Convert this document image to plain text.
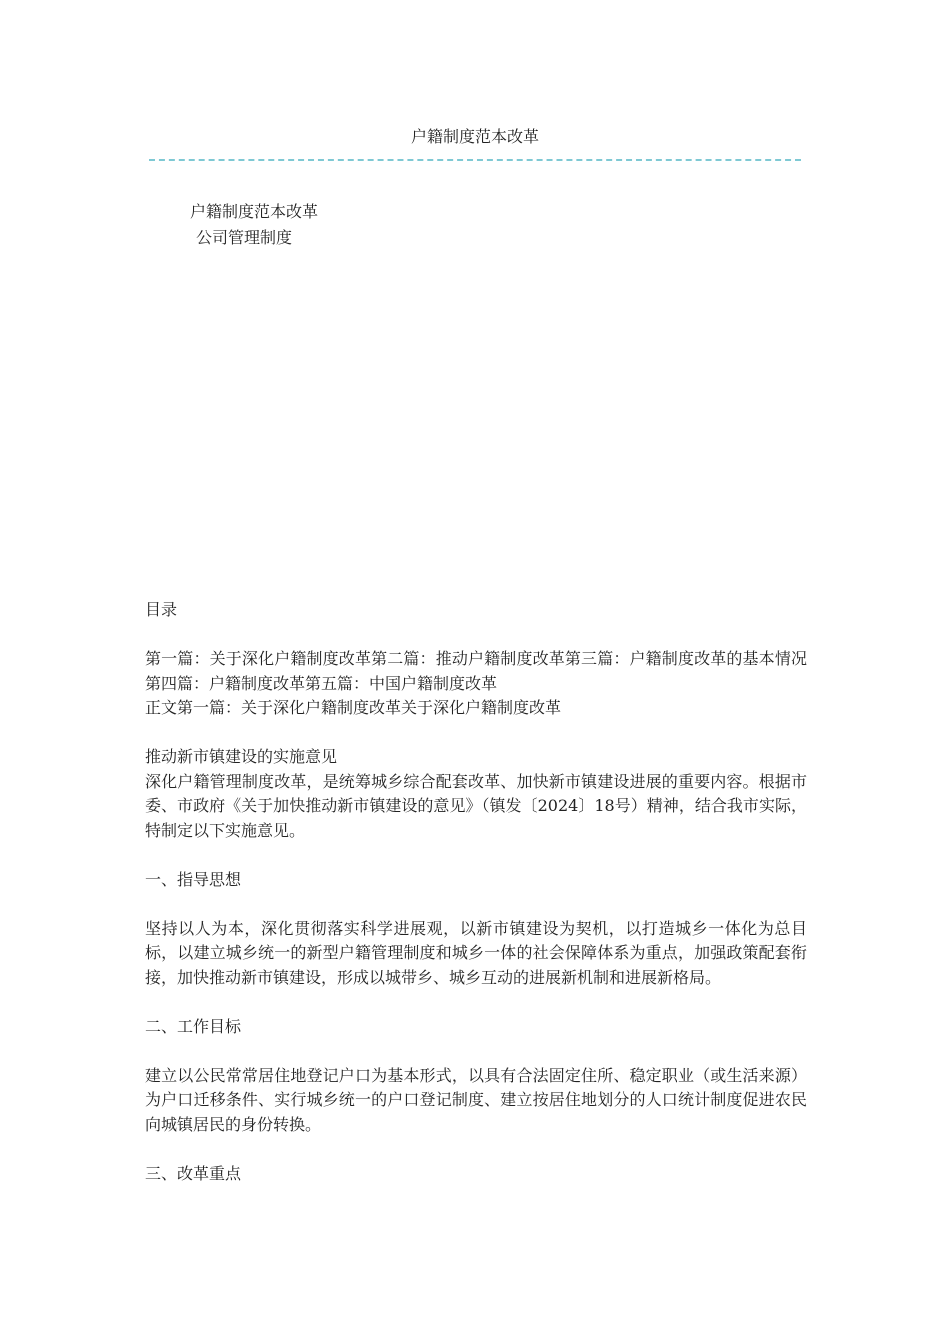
户籍制度范本改革
户籍制度范本改革
公司管理制度

目录

第一篇：关于深化户籍制度改革第二篇：推动户籍制度改革第三篇：户籍制度改革的基本情况第四篇：户籍制度改革第五篇：中国户籍制度改革

正文第一篇：关于深化户籍制度改革关于深化户籍制度改革

推动新市镇建设的实施意见

深化户籍管理制度改革，是统筹城乡综合配套改革、加快新市镇建设进展的重要内容。根据市委、市政府《关于加快推动新市镇建设的意见》（镇发〔2024〕18号）精神，结合我市实际，特制定以下实施意见。

一、指导思想

坚持以人为本，深化贯彻落实科学进展观，以新市镇建设为契机，以打造城乡一体化为总目标，以建立城乡统一的新型户籍管理制度和城乡一体的社会保障体系为重点，加强政策配套衔接，加快推动新市镇建设，形成以城带乡、城乡互动的进展新机制和进展新格局。

二、工作目标

建立以公民常常居住地登记户口为基本形式，以具有合法固定住所、稳定职业（或生活来源）为户口迁移条件、实行城乡统一的户口登记制度、建立按居住地划分的人口统计制度促进农民向城镇居民的身份转换。

三、改革重点
